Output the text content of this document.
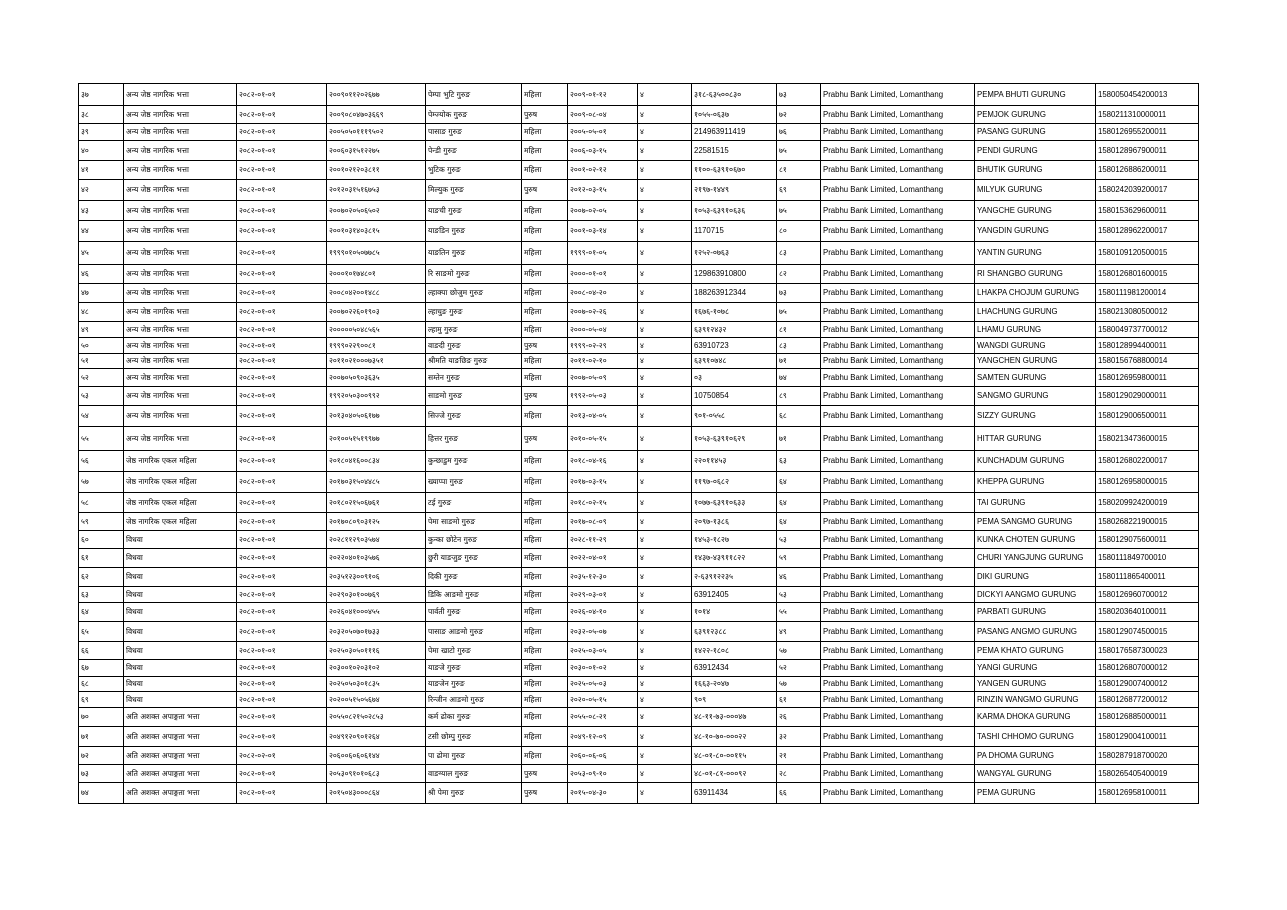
३७	अन्य जेष्ठ नागरिक भत्ता	२०८२-०१-०१	२००९०११२०२६७७	पेम्पा भुटि गुरुङ	महिला	२००९-०१-१२	४	३१८-६३५००८३०	७३	Prabhu Bank Limited, Lomanthang	PEMPA BHUTI GURUNG	1580050454200013
३८	अन्य जेष्ठ नागरिक भत्ता	२०८२-०१-०१	२००९०८०४७०३६६९	पेम्ज्योक गुरुङ	पुरुष	२००९-०८-०४	४	१०५५-०६३७	७२	Prabhu Bank Limited, Lomanthang	PEMJOK GURUNG	1580211310000011
३९	अन्य जेष्ठ नागरिक भत्ता	२०८२-०१-०१	२००५०५०१११९५०२	पासाङ गुरुङ	महिला	२००५-०५-०१	४	214963911419	७६	Prabhu Bank Limited, Lomanthang	PASANG GURUNG	1580126955200011
४०	अन्य जेष्ठ नागरिक भत्ता	२०८२-०१-०१	२००६०३१५१२२७५	पेन्डी गुरुङ	महिला	२००६-०३-१५	४	22581515	७५	Prabhu Bank Limited, Lomanthang	PENDI GURUNG	1580128967900011
४१	अन्य जेष्ठ नागरिक भत्ता	२०८२-०१-०१	२००१०२१२०३८११	भुटिक गुरुङ	महिला	२००१-०२-१२	४	११००-६३९१०६७०	८१	Prabhu Bank Limited, Lomanthang	BHUTIK GURUNG	1580126886200011
४२	अन्य जेष्ठ नागरिक भत्ता	२०८२-०१-०१	२०१२०३१५१६७५३	मिल्युक गुरुङ	पुरुष	२०१२-०३-१५	४	२१९७-१४४९	६९	Prabhu Bank Limited, Lomanthang	MILYUK GURUNG	1580242039200017
४३	अन्य जेष्ठ नागरिक भत्ता	२०८२-०१-०१	२००७०२०५०६५०२	याङची गुरुङ	महिला	२००७-०२-०५	४	१०५३-६३९१०६३६	७५	Prabhu Bank Limited, Lomanthang	YANGCHE GURUNG	1580153629600011
४४	अन्य जेष्ठ नागरिक भत्ता	२०८२-०१-०१	२००१०३१४०३८१५	याङडिन गुरुङ	महिला	२००१-०३-१४	४	1170715	८०	Prabhu Bank Limited, Lomanthang	YANGDIN GURUNG	1580128962200017
४५	अन्य जेष्ठ नागरिक भत्ता	२०८२-०१-०१	१९९९०१०५०७७८५	याङतिन गुरुङ	महिला	१९९९-०१-०५	४	१२५२-०७६३	८३	Prabhu Bank Limited, Lomanthang	YANTIN GURUNG	1580109120500015
४६	अन्य जेष्ठ नागरिक भत्ता	२०८२-०१-०१	२०००१०१७४८०१	रि साङमो गुरुङ	महिला	२०००-०१-०१	४	129863910800	८२	Prabhu Bank Limited, Lomanthang	RI SHANGBO GURUNG	1580126801600015
४७	अन्य जेष्ठ नागरिक भत्ता	२०८२-०१-०१	२००८०४२००१४८८	ल्हाक्पा छोजुम गुरुङ	महिला	२००८-०४-२०	४	188263912344	७३	Prabhu Bank Limited, Lomanthang	LHAKPA CHOJUM GURUNG	1580111981200014
४८	अन्य जेष्ठ नागरिक भत्ता	२०८२-०१-०१	२००७०२२६०१९०३	ल्हाचुङ गुरुङ	महिला	२००७-०२-२६	४	१६७६-१०७८	७५	Prabhu Bank Limited, Lomanthang	LHACHUNG GURUNG	1580213080500012
४९	अन्य जेष्ठ नागरिक भत्ता	२०८२-०१-०१	२०००००५०४८५६५	ल्हामु गुरुङ	महिला	२०००-०५-०४	४	६३९१२४३२	८१	Prabhu Bank Limited, Lomanthang	LHAMU GURUNG	1580049737700012
५०	अन्य जेष्ठ नागरिक भत्ता	२०८२-०१-०१	१९९९०२२९००८१	वाङदी गुरुङ	पुरुष	१९९९-०२-२९	४	63910723	८३	Prabhu Bank Limited, Lomanthang	WANGDI GURUNG	1580128994400011
५१	अन्य जेष्ठ नागरिक भत्ता	२०८२-०१-०१	२०११०२१०००७३५१	श्रीमति याङछिङ गुरुङ	महिला	२०११-०२-१०	४	६३९१०७४८	७१	Prabhu Bank Limited, Lomanthang	YANGCHEN GURUNG	1580156768800014
५२	अन्य जेष्ठ नागरिक भत्ता	२०८२-०१-०१	२००७०५०९०३६३५	सम्तेन गुरुङ	महिला	२००७-०५-०९	४	०३	७४	Prabhu Bank Limited, Lomanthang	SAMTEN GURUNG	1580126959800011
५३	अन्य जेष्ठ नागरिक भत्ता	२०८२-०१-०१	१९९२०५०३००९९२	साङमो गुरुङ	पुरुष	१९९२-०५-०३	४	10750854	८९	Prabhu Bank Limited, Lomanthang	SANGMO GURUNG	1580129029000011
५४	अन्य जेष्ठ नागरिक भत्ता	२०८२-०१-०१	२०१३०४०५०६१७७	सिज्जे गुरुङ	महिला	२०१३-०४-०५	४	९०१-०५५८	६८	Prabhu Bank Limited, Lomanthang	SIZZY GURUNG	1580129006500011
५५	अन्य जेष्ठ नागरिक भत्ता	२०८२-०१-०१	२०१००५१५१९९७७	हित्तर गुरुङ	पुरुष	२०१०-०५-१५	४	१०५३-६३९१०६२९	७१	Prabhu Bank Limited, Lomanthang	HITTAR GURUNG	1580213473600015
५६	जेष्ठ नागरिक एकल महिला	२०८२-०१-०१	२०१८०४१६००८३४	कुन्छाडुम गुरुङ	महिला	२०१८-०४-१६	४	२२०११४५३	६३	Prabhu Bank Limited, Lomanthang	KUNCHADUM GURUNG	1580126802200017
५७	जेष्ठ नागरिक एकल महिला	२०८२-०१-०१	२०१७०३१५०४४८५	ख्याप्पा गुरुङ	महिला	२०१७-०३-१५	४	११९७-०६८२	६४	Prabhu Bank Limited, Lomanthang	KHEPPA GURUNG	1580126958000015
५८	जेष्ठ नागरिक एकल महिला	२०८२-०१-०१	२०१८०२१५०६७६१	टई गुरुङ	महिला	२०१८-०२-१५	४	१०७७-६३९१०६३३	६४	Prabhu Bank Limited, Lomanthang	TAI GURUNG	1580209924200019
५९	जेष्ठ नागरिक एकल महिला	२०८२-०१-०१	२०१७०८०९०३१२५	पेमा साङमो गुरुङ	महिला	२०१७-०८-०९	४	२०९७-१३८६	६४	Prabhu Bank Limited, Lomanthang	PEMA SANGMO GURUNG	1580268221900015
६०	विधवा	२०८२-०१-०१	२०२८११२९०३५७४	कुन्का छोटेन गुरुङ	महिला	२०२८-११-२९	४	१४५३-१८२७	५३	Prabhu Bank Limited, Lomanthang	KUNKA CHOTEN GURUNG	1580129075600011
६१	विधवा	२०८२-०१-०१	२०२२०४०१०३५७६	छुरी याङजुङ गुरुङ	महिला	२०२२-०४-०१	४	१४३७-४३९११८२२	५९	Prabhu Bank Limited, Lomanthang	CHURI YANGJUNG GURUNG	1580111849700010
६२	विधवा	२०८२-०१-०१	२०३५१२३००९१०६	दिकी गुरुङ	महिला	२०३५-१२-३०	४	२-६३९१२२३५	४६	Prabhu Bank Limited, Lomanthang	DIKI GURUNG	1580111865400011
६३	विधवा	२०८२-०१-०१	२०२९०३०१००७६९	डिकि आङमो गुरुङ	महिला	२०२९-०३-०१	४	63912405	५३	Prabhu Bank Limited, Lomanthang	DICKYI AANGMO GURUNG	1580126960700012
६४	विधवा	२०८२-०१-०१	२०२६०४१०००४५५	पार्वती गुरुङ	महिला	२०२६-०४-१०	४	१०१४	५५	Prabhu Bank Limited, Lomanthang	PARBATI GURUNG	1580203640100011
६५	विधवा	२०८२-०१-०१	२०३२०५०७०१७३३	पासाङ आङमो गुरुङ	महिला	२०३२-०५-०७	४	६३९१२३८८	४९	Prabhu Bank Limited, Lomanthang	PASANG ANGMO GURUNG	1580129074500015
६६	विधवा	२०८२-०१-०१	२०२५०३०५०१११६	पेमा खाटो गुरुङ	महिला	२०२५-०३-०५	४	१४२२-१८०८	५७	Prabhu Bank Limited, Lomanthang	PEMA KHATO GURUNG	1580176587300023
६७	विधवा	२०८२-०१-०१	२०३००१०२०३१०२	याङजे गुरुङ	महिला	२०३०-०१-०२	४	63912434	५२	Prabhu Bank Limited, Lomanthang	YANGI GURUNG	1580126807000012
६८	विधवा	२०८२-०१-०१	२०२५०५०३०१८३५	याङजेन गुरुङ	महिला	२०२५-०५-०३	४	१६६३-२०४७	५७	Prabhu Bank Limited, Lomanthang	YANGEN GURUNG	1580129007400012
६९	विधवा	२०८२-०१-०१	२०२००५१५०५६७४	रिन्जीन आङमो गुरुङ	महिला	२०२०-०५-१५	४	९०९	६१	Prabhu Bank Limited, Lomanthang	RINZIN WANGMO GURUNG	1580126877200012
७०	अति अशक्त अपाङ्गता भत्ता	२०८२-०१-०१	२०५५०८२१५०२८५३	कर्म ढोका गुरुङ	महिला	२०५५-०८-२१	४	४८-११-७३-०००४७	२६	Prabhu Bank Limited, Lomanthang	KARMA DHOKA GURUNG	1580126885000011
७१	अति अशक्त अपाङ्गता भत्ता	२०८२-०१-०१	२०४९१२०९०१२६४	टसी छोम्पु गुरुङ	महिला	२०४९-१२-०९	४	४८-१०-७०-०००२२	३२	Prabhu Bank Limited, Lomanthang	TASHI CHHOMO GURUNG	1580129004100011
७२	अति अशक्त अपाङ्गता भत्ता	२०८२-०२-०१	२०६००६०६०६१४४	पा ढोमा गुरुङ	महिला	२०६०-०६-०६	४	४८-०१-८०-००११५	२१	Prabhu Bank Limited, Lomanthang	PA DHOMA GURUNG	1580287918700020
७३	अति अशक्त अपाङ्गता भत्ता	२०८२-०१-०१	२०५३०९१०१०६८३	वाङग्याल गुरुङ	पुरुष	२०५३-०९-१०	४	४८-०१-८१-०००९२	२८	Prabhu Bank Limited, Lomanthang	WANGYAL GURUNG	1580265405400019
७४	अति अशक्त अपाङ्गता भत्ता	२०८२-०१-०१	२०१५०४३०००८६४	श्री पेमा गुरुङ	पुरुष	२०१५-०४-३०	४	63911434	६६	Prabhu Bank Limited, Lomanthang	PEMA GURUNG	1580126958100011
